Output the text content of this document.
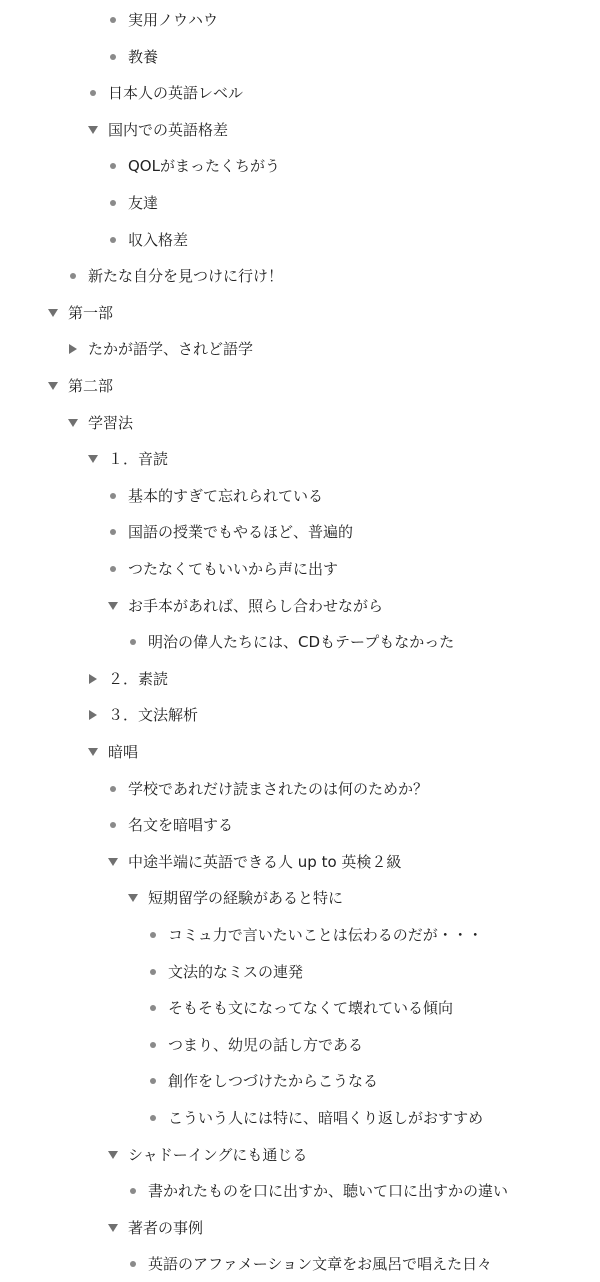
実用ノウハウ
教養
日本人の英語レベル
国内での英語格差
QOLがまったくちがう
友達
収入格差
新たな自分を見つけに行け！
第一部
たかが語学、されど語学
第二部
学習法
１．音読
基本的すぎて忘れられている
国語の授業でもやるほど、普遍的
つたなくてもいいから声に出す
お手本があれば、照らし合わせながら
明治の偉人たちには、CDもテープもなかった
２．素読
３．文法解析
暗唱
学校であれだけ読まされたのは何のためか？
名文を暗唱する
中途半端に英語できる人 up to 英検２級
短期留学の経験があると特に
コミュ力で言いたいことは伝わるのだが・・・
文法的なミスの連発
そもそも文になってなくて壊れている傾向
つまり、幼児の話し方である
創作をしつづけたからこうなる
こういう人には特に、暗唱くり返しがおすすめ
シャドーイングにも通じる
書かれたものを口に出すか、聴いて口に出すかの違い
著者の事例
英語のアファメーション文章をお風呂で唱えた日々
